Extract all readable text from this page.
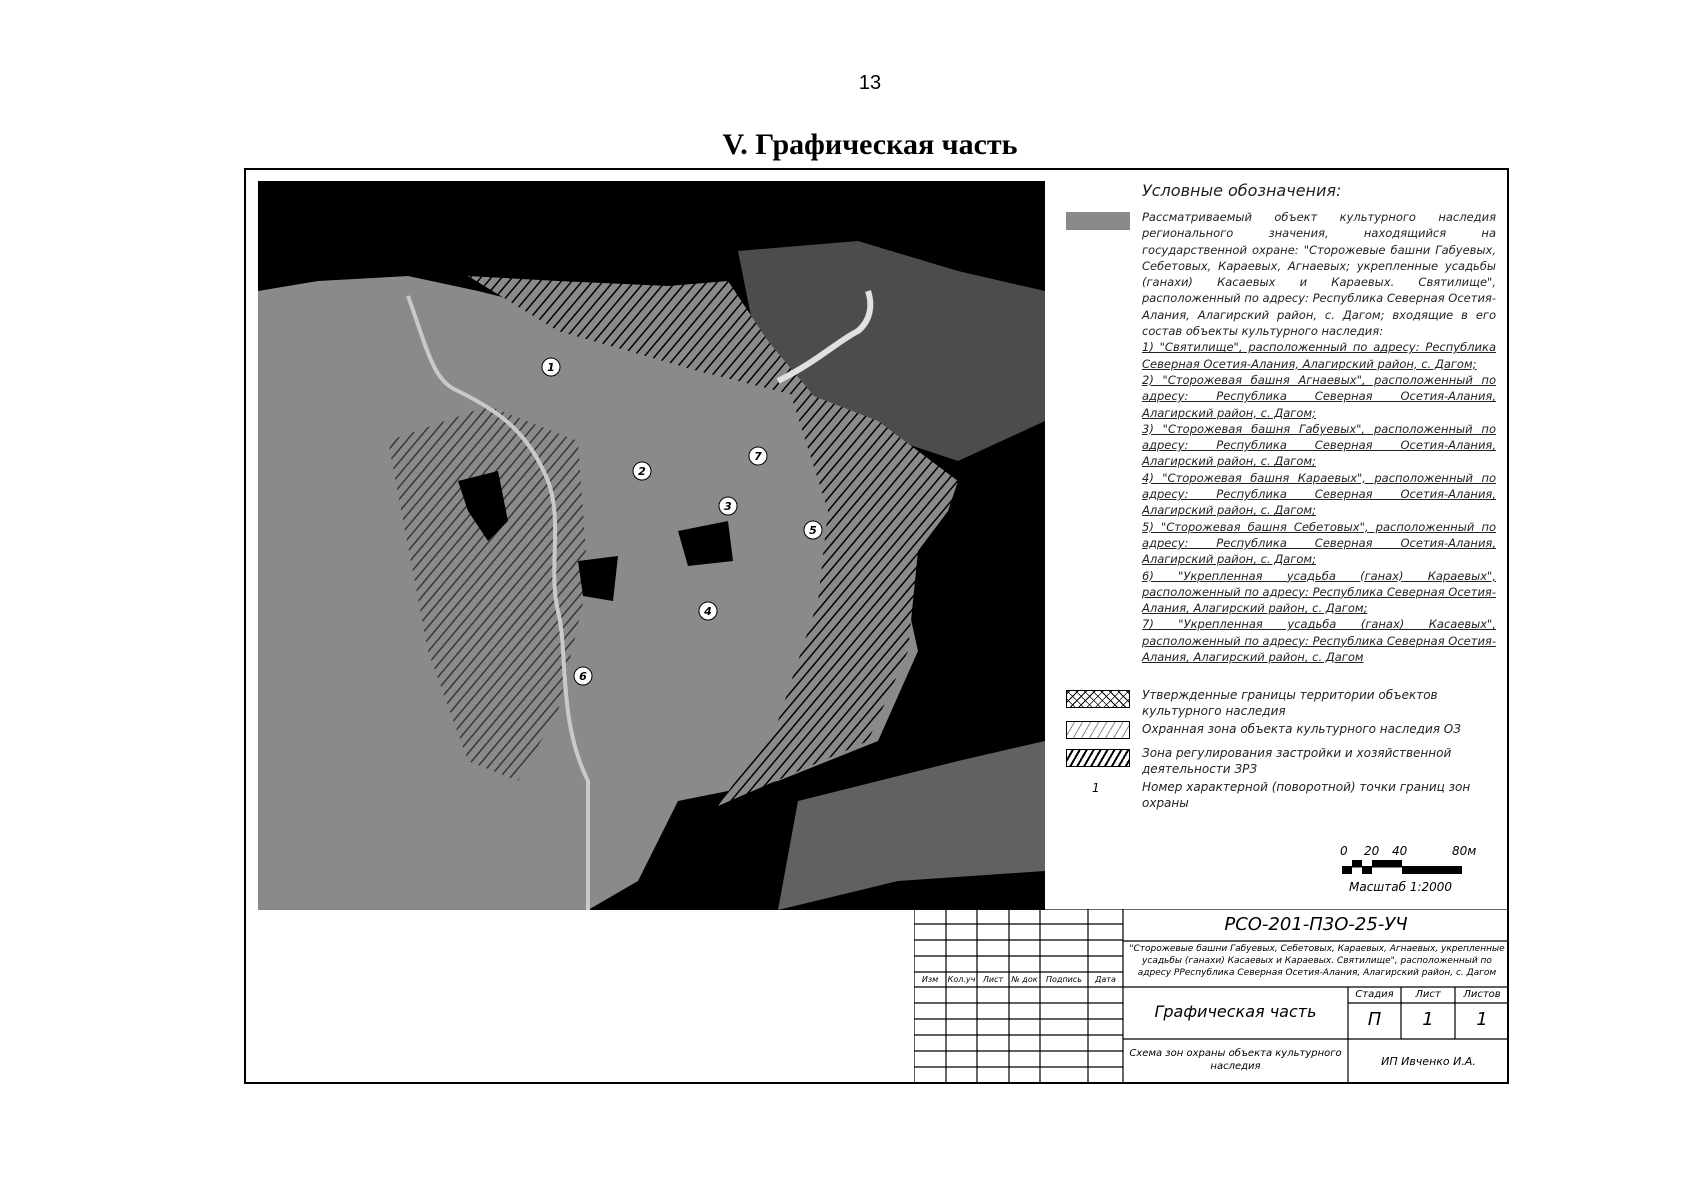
13
V. Графическая часть
1
2
3
4
5
6
7
Условные обозначения:
Рассматриваемый объект культурного наследия регионального значения, находящийся на государственной охране: "Сторожевые башни Габуевых, Себетовых, Караевых, Агнаевых; укрепленные усадьбы (ганахи) Касаевых и Караевых. Святилище", расположенный по адресу: Республика Северная Осетия-Алания, Алагирский район, с. Дагом; входящие в его состав объекты культурного наследия:
1) "Святилище", расположенный по адресу: Республика Северная Осетия-Алания, Алагирский район, с. Дагом;
2) "Сторожевая башня Агнаевых", расположенный по адресу: Республика Северная Осетия-Алания, Алагирский район, с. Дагом;
3) "Сторожевая башня Габуевых", расположенный по адресу: Республика Северная Осетия-Алания, Алагирский район, с. Дагом;
4) "Сторожевая башня Караевых", расположенный по адресу: Республика Северная Осетия-Алания, Алагирский район, с. Дагом;
5) "Сторожевая башня Себетовых", расположенный по адресу: Республика Северная Осетия-Алания, Алагирский район, с. Дагом;
6) "Укрепленная усадьба (ганах) Караевых", расположенный по адресу: Республика Северная Осетия-Алания, Алагирский район, с. Дагом;
7) "Укрепленная усадьба (ганах) Касаевых", расположенный по адресу: Республика Северная Осетия-Алания, Алагирский район, с. Дагом
Утвержденные границы территории объектов культурного наследия
Охранная зона объекта культурного наследия ОЗ
Зона регулирования застройки и хозяйственной деятельности ЗРЗ
1	Номер характерной (поворотной) точки границ зон охраны
0 20 40	80м
Масштаб 1:2000
Изм	Кол.уч Лист	№ док	Подпись	Дата
РСО-201-П3О-25-УЧ
"Сторожевые башни Габуевых, Себетовых, Караевых, Агнаевых, укрепленные усадьбы (ганахи) Касаевых и Караевых. Святилище", расположенный по адресу РРеспублика Северная Осетия-Алания, Алагирский район, с. Дагом
Графическая часть
Стадия	Лист	Листов
П	1	1
Схема зон охраны объекта культурного наследия	ИП Ивченко И.А.
